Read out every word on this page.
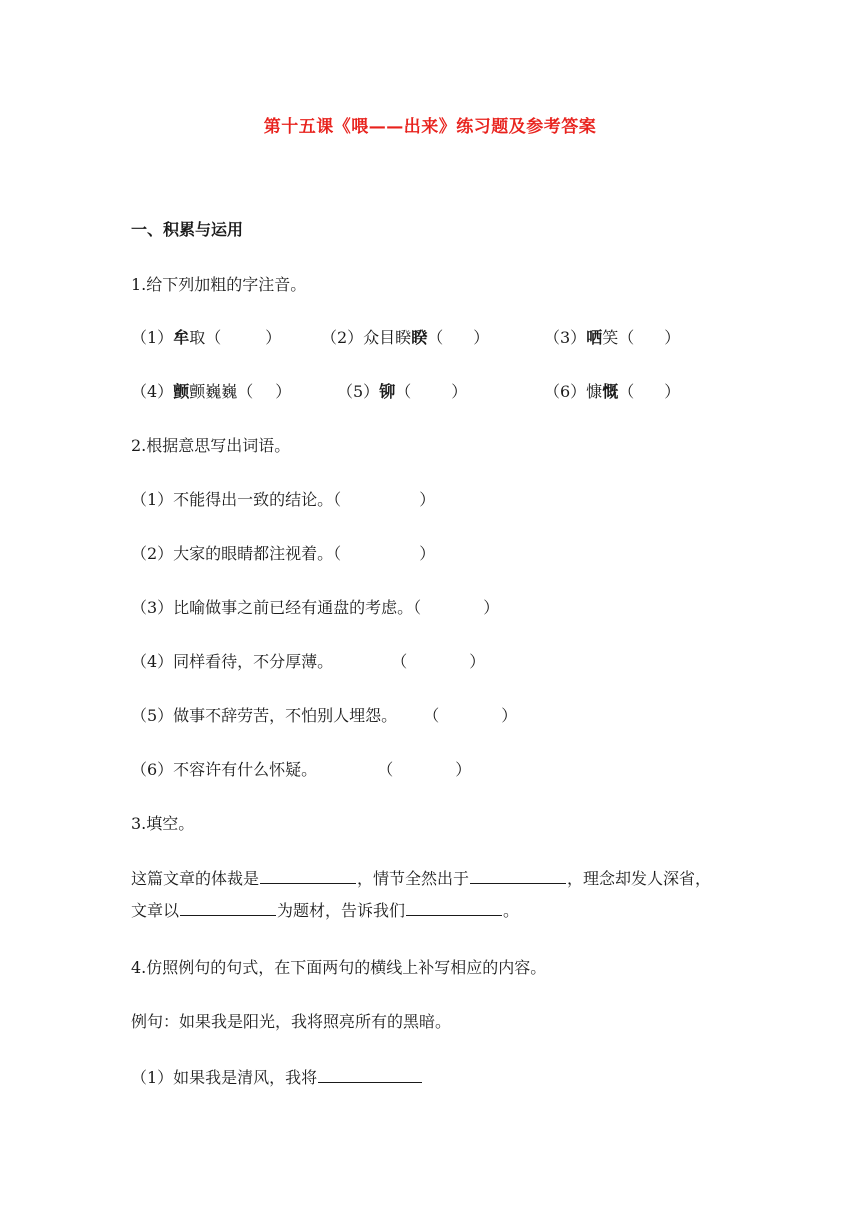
第十五课《喂——出来》练习题及参考答案
一、积累与运用
1.给下列加粗的字注音。
（1）牟取（	） （2）众目睽睽（ ）	（3）哂笑（ ）
（4）颤颤巍巍（ ）	（5）铆（	）	（6）慷慨（ ）
2.根据意思写出词语。
（1）不能得出一致的结论。（	）
（2）大家的眼睛都注视着。（	）
（3）比喻做事之前已经有通盘的考虑。（	）
（4）同样看待，不分厚薄。	（	）
（5）做事不辞劳苦，不怕别人埋怨。 （	）
（6）不容许有什么怀疑。	（	）
3.填空。
这篇文章的体裁是	，情节全然出于	，理念却发人深省，
文章以	为题材，告诉我们	。
4.仿照例句的句式，在下面两句的横线上补写相应的内容。
例句：如果我是阳光，我将照亮所有的黑暗。
（1）如果我是清风，我将
